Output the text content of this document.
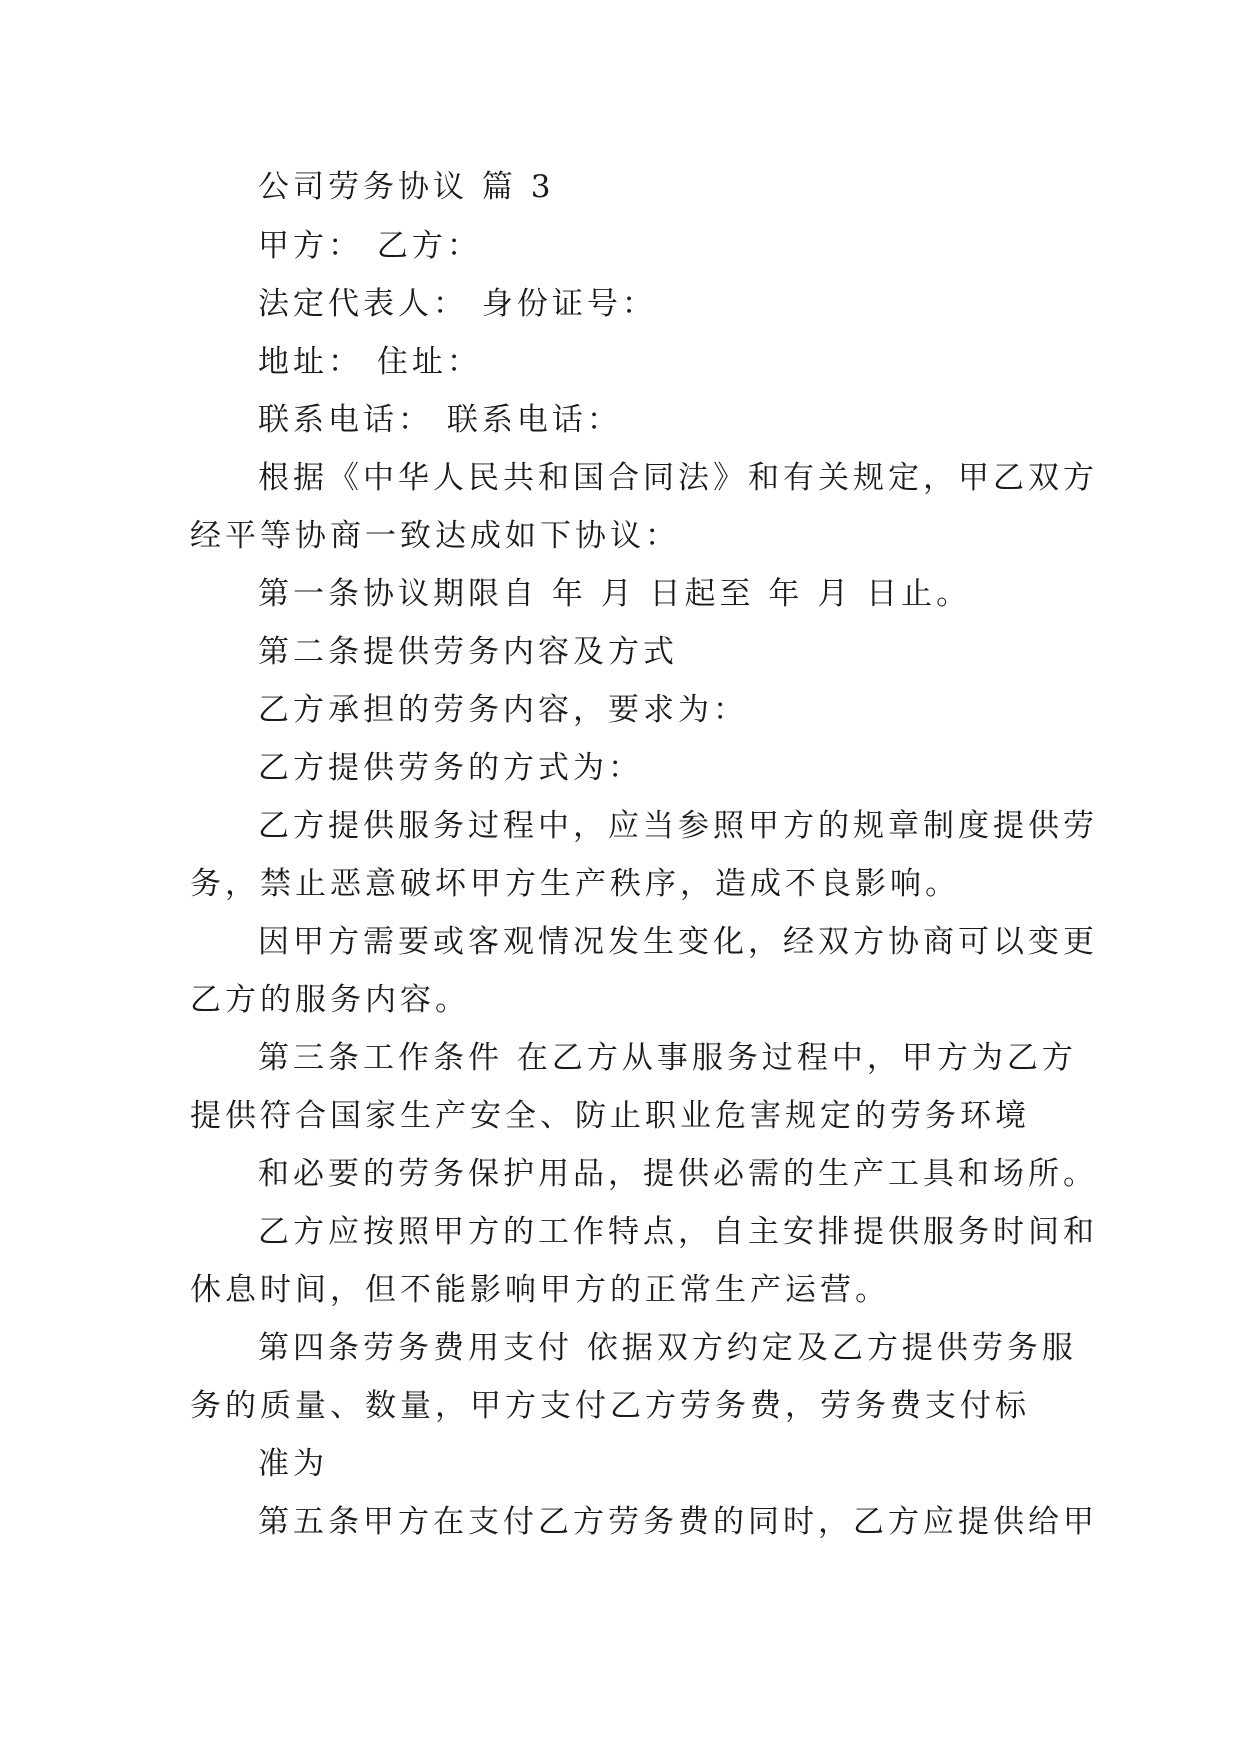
公司劳务协议 篇 3
甲方： 乙方：
法定代表人： 身份证号：
地址： 住址：
联系电话： 联系电话：
根据《中华人民共和国合同法》和有关规定，甲乙双方
经平等协商一致达成如下协议：
第一条协议期限自 年 月 日起至 年 月 日止。
第二条提供劳务内容及方式
乙方承担的劳务内容，要求为：
乙方提供劳务的方式为：
乙方提供服务过程中，应当参照甲方的规章制度提供劳
务，禁止恶意破坏甲方生产秩序，造成不良影响。
因甲方需要或客观情况发生变化，经双方协商可以变更
乙方的服务内容。
第三条工作条件 在乙方从事服务过程中，甲方为乙方
提供符合国家生产安全、防止职业危害规定的劳务环境
和必要的劳务保护用品，提供必需的生产工具和场所。
乙方应按照甲方的工作特点，自主安排提供服务时间和
休息时间，但不能影响甲方的正常生产运营。
第四条劳务费用支付 依据双方约定及乙方提供劳务服
务的质量、数量，甲方支付乙方劳务费，劳务费支付标
准为
第五条甲方在支付乙方劳务费的同时，乙方应提供给甲
